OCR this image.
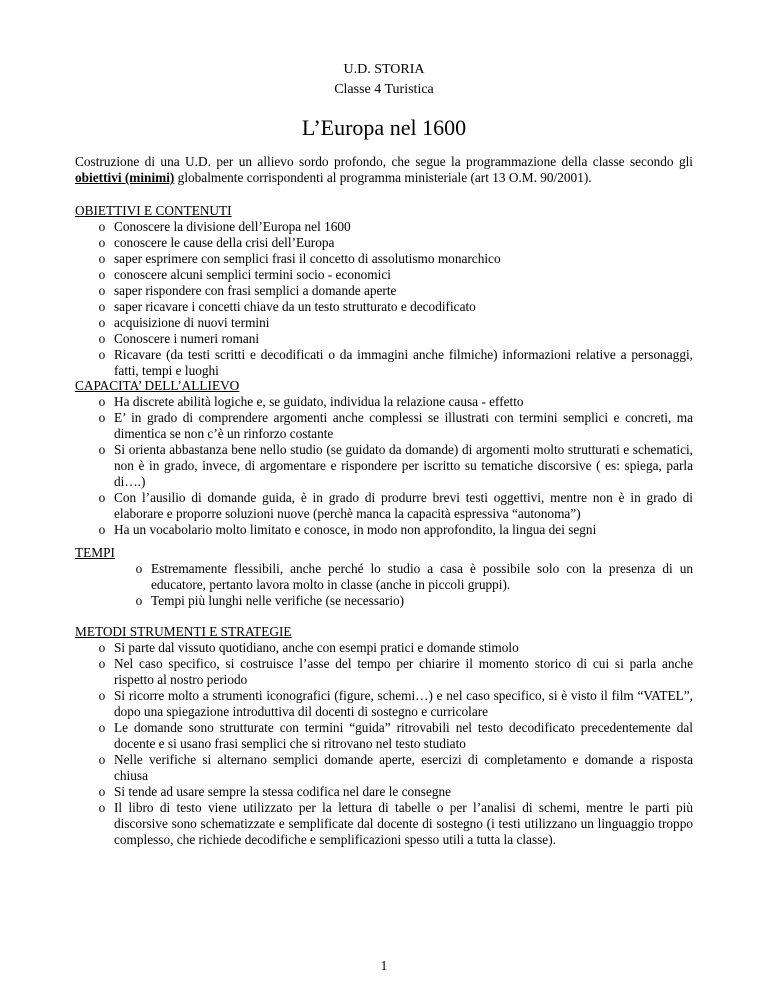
U.D. STORIA
Classe 4 Turistica
L’Europa nel 1600
Costruzione di una U.D. per un allievo sordo profondo, che segue la programmazione della classe secondo gli obiettivi (minimi) globalmente corrispondenti al programma ministeriale (art 13 O.M. 90/2001).
OBIETTIVI E CONTENUTI
o Conoscere la divisione dell’Europa nel 1600
o conoscere le cause della crisi dell’Europa
o saper esprimere con semplici frasi il concetto di assolutismo monarchico
o conoscere alcuni semplici termini socio - economici
o saper rispondere con frasi semplici a domande aperte
o saper ricavare i concetti chiave da un testo strutturato e decodificato
o acquisizione di nuovi termini
o Conoscere i numeri romani
o Ricavare (da testi scritti e decodificati o da immagini anche filmiche) informazioni relative a personaggi, fatti, tempi e luoghi
CAPACITA’ DELL’ALLIEVO
o Ha discrete abilità logiche e, se guidato, individua la relazione causa - effetto
o E’ in grado di comprendere argomenti anche complessi se illustrati con termini semplici e concreti, ma dimentica se non c’è un rinforzo costante
o Si orienta abbastanza bene nello studio (se guidato da domande) di argomenti molto strutturati e schematici, non è in grado, invece, di argomentare e rispondere per iscritto su tematiche discorsive ( es: spiega, parla di….)
o Con l’ausilio di domande guida, è in grado di produrre brevi testi oggettivi, mentre non è in grado di elaborare e proporre soluzioni nuove (perchè manca la capacità espressiva “autonoma”)
o Ha un vocabolario molto limitato e conosce, in modo non approfondito, la lingua dei segni
TEMPI
o Estremamente flessibili, anche perché lo studio a casa è possibile solo con la presenza di un educatore, pertanto lavora molto in classe (anche in piccoli gruppi).
o Tempi più lunghi nelle verifiche (se necessario)
METODI STRUMENTI E STRATEGIE
o Si parte dal vissuto quotidiano, anche con esempi pratici e domande stimolo
o Nel caso specifico, si costruisce l’asse del tempo per chiarire il momento storico di cui si parla anche rispetto al nostro periodo
o Si ricorre molto a strumenti iconografici (figure, schemi…) e nel caso specifico, si è visto il film “VATEL”, dopo una spiegazione introduttiva dil docenti di sostegno e curricolare
o Le domande sono strutturate con termini “guida” ritrovabili nel testo decodificato precedentemente dal docente e si usano frasi semplici che si ritrovano nel testo studiato
o Nelle verifiche si alternano semplici domande aperte, esercizi di completamento e domande a risposta chiusa
o Si tende ad usare sempre la stessa codifica nel dare le consegne
o Il libro di testo viene utilizzato per la lettura di tabelle o per l’analisi di schemi, mentre le parti più discorsive sono schematizzate e semplificate dal docente di sostegno (i testi utilizzano un linguaggio troppo complesso, che richiede decodifiche e semplificazioni spesso utili a tutta la classe).
1
